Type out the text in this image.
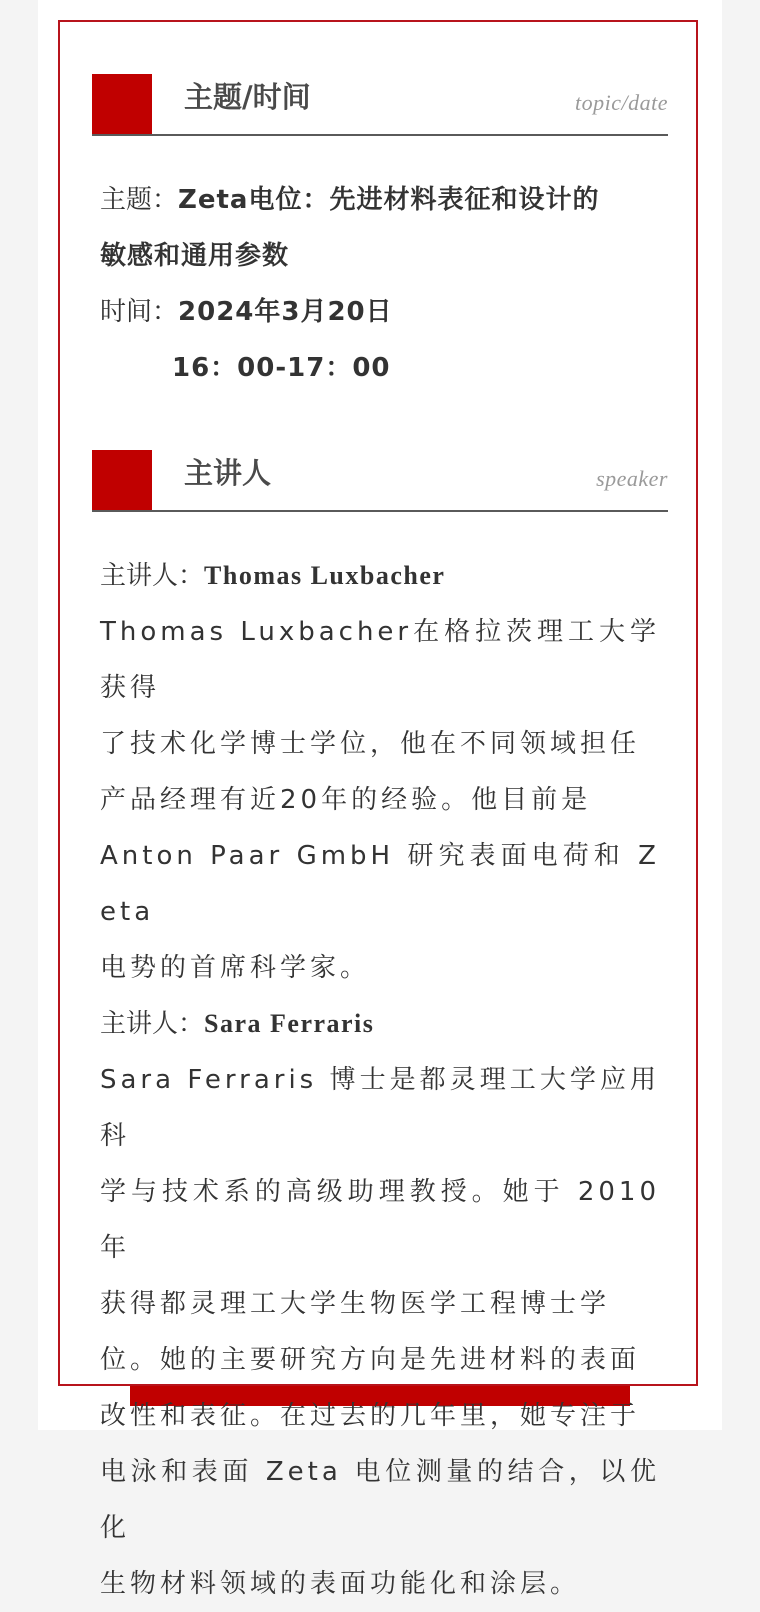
主题/时间	topic/date
主题：Zeta电位：先进材料表征和设计的
敏感和通用参数
时间：2024年3月20日
16：00-17：00
主讲人	speaker
主讲人：Thomas Luxbacher
Thomas Luxbacher在格拉茨理工大学获得
了技术化学博士学位，他在不同领域担任
产品经理有近20年的经验。他目前是
Anton Paar GmbH 研究表面电荷和 Zeta
电势的首席科学家。
主讲人：Sara Ferraris
Sara Ferraris 博士是都灵理工大学应用科
学与技术系的高级助理教授。她于 2010年
获得都灵理工大学生物医学工程博士学
位。她的主要研究方向是先进材料的表面
改性和表征。在过去的几年里，她专注于
电泳和表面 Zeta 电位测量的结合，以优化
生物材料领域的表面功能化和涂层。
